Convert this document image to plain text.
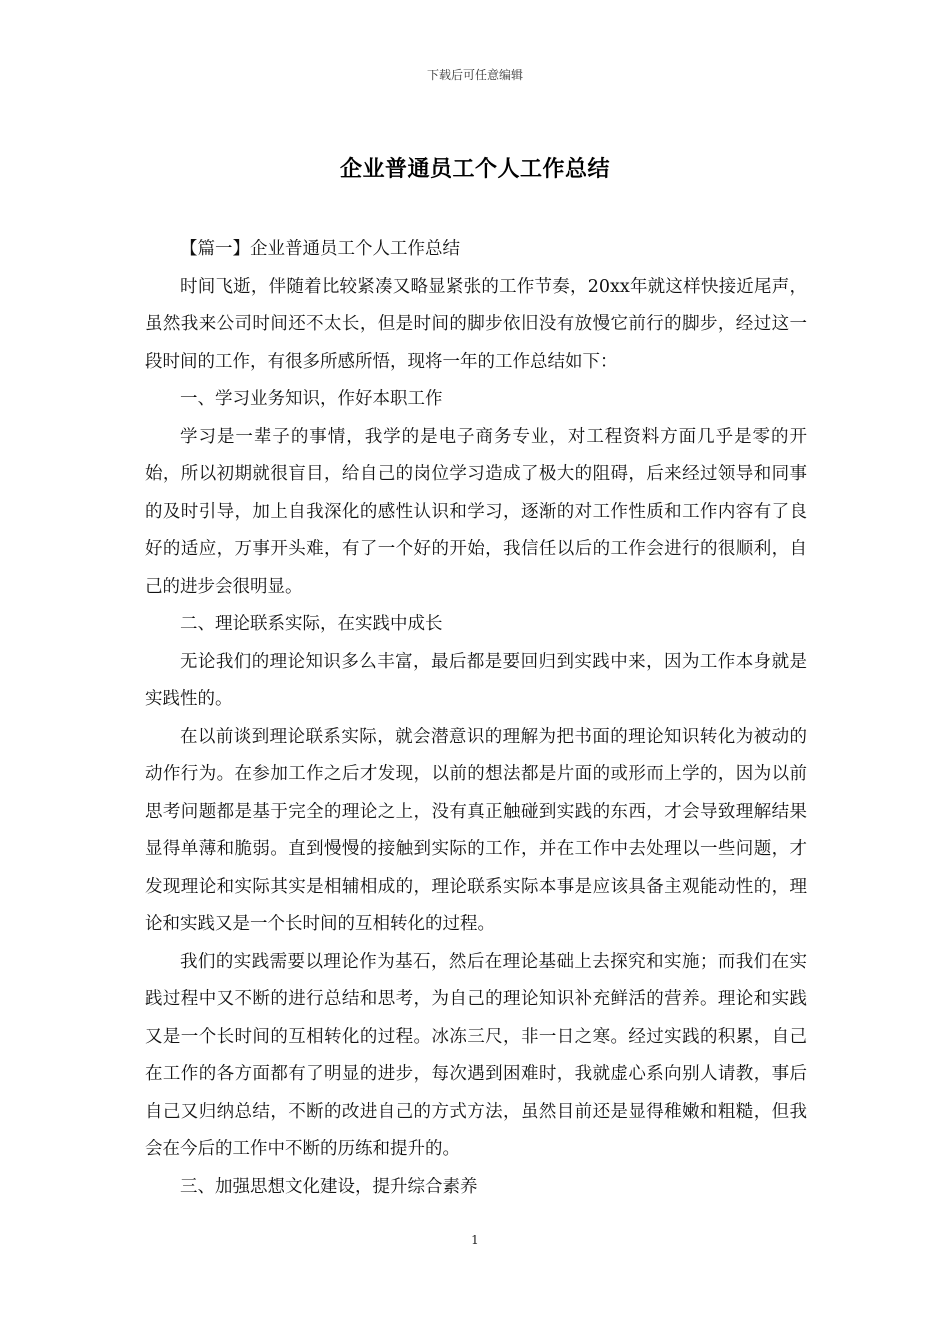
下载后可任意编辑
企业普通员工个人工作总结

【篇一】企业普通员工个人工作总结

时间飞逝，伴随着比较紧凑又略显紧张的工作节奏，20xx年就这样快接近尾声，虽然我来公司时间还不太长，但是时间的脚步依旧没有放慢它前行的脚步，经过这一段时间的工作，有很多所感所悟，现将一年的工作总结如下：

一、学习业务知识，作好本职工作

学习是一辈子的事情，我学的是电子商务专业，对工程资料方面几乎是零的开始，所以初期就很盲目，给自己的岗位学习造成了极大的阻碍，后来经过领导和同事的及时引导，加上自我深化的感性认识和学习，逐渐的对工作性质和工作内容有了良好的适应，万事开头难，有了一个好的开始，我信任以后的工作会进行的很顺利，自己的进步会很明显。

二、理论联系实际，在实践中成长

无论我们的理论知识多么丰富，最后都是要回归到实践中来，因为工作本身就是实践性的。

在以前谈到理论联系实际，就会潜意识的理解为把书面的理论知识转化为被动的动作行为。在参加工作之后才发现，以前的想法都是片面的或形而上学的，因为以前思考问题都是基于完全的理论之上，没有真正触碰到实践的东西，才会导致理解结果显得单薄和脆弱。直到慢慢的接触到实际的工作，并在工作中去处理以一些问题，才发现理论和实际其实是相辅相成的，理论联系实际本事是应该具备主观能动性的，理论和实践又是一个长时间的互相转化的过程。

我们的实践需要以理论作为基石，然后在理论基础上去探究和实施；而我们在实践过程中又不断的进行总结和思考，为自己的理论知识补充鲜活的营养。理论和实践又是一个长时间的互相转化的过程。冰冻三尺，非一日之寒。经过实践的积累，自己在工作的各方面都有了明显的进步，每次遇到困难时，我就虚心系向别人请教，事后自己又归纳总结，不断的改进自己的方式方法，虽然目前还是显得稚嫩和粗糙，但我会在今后的工作中不断的历练和提升的。

三、加强思想文化建设，提升综合素养

1
